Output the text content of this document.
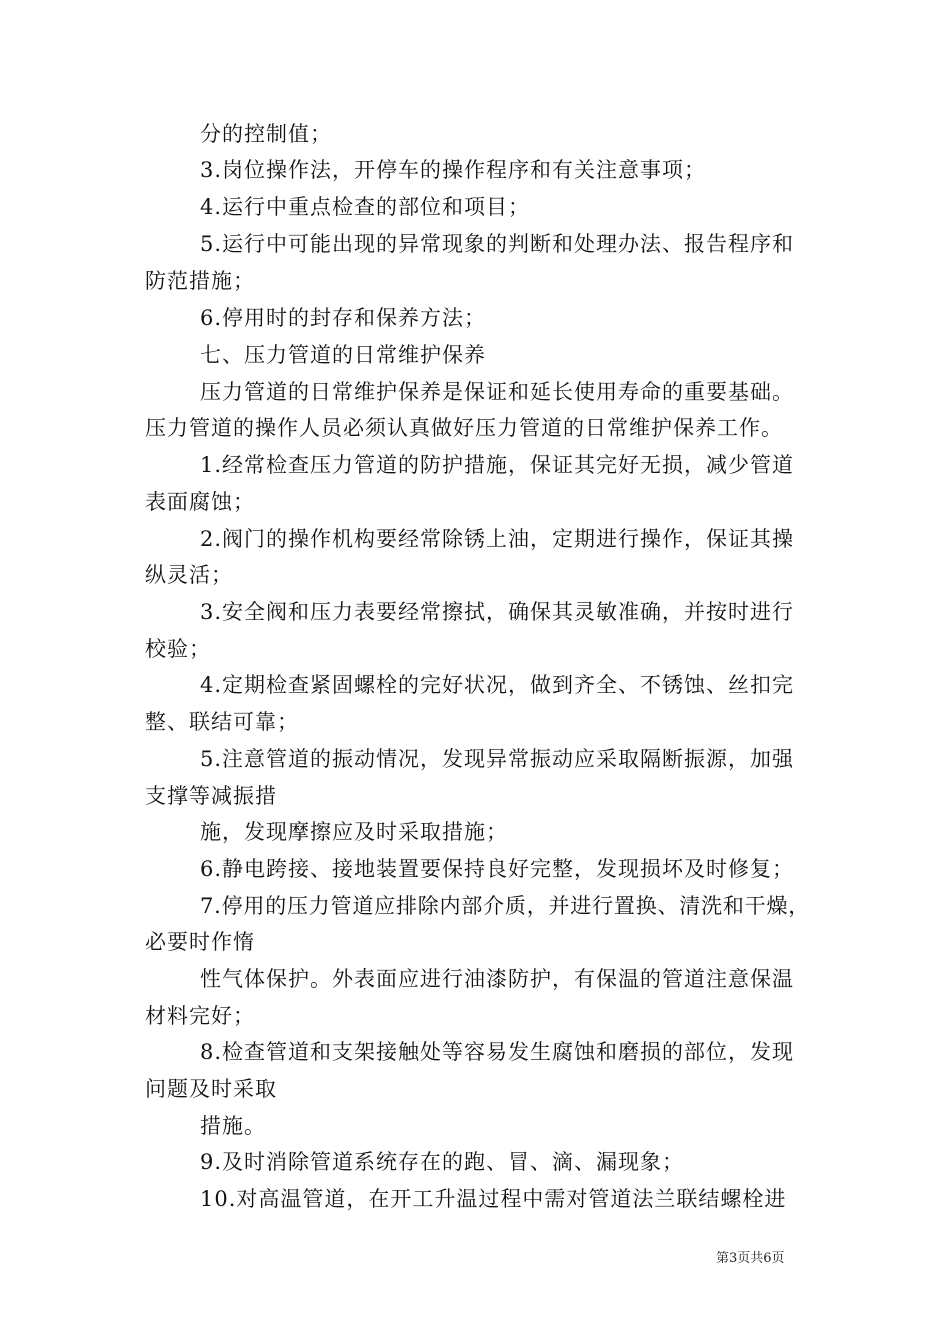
分的控制值；
3.岗位操作法，开停车的操作程序和有关注意事项；
4.运行中重点检查的部位和项目；
5.运行中可能出现的异常现象的判断和处理办法、报告程序和
防范措施；
6.停用时的封存和保养方法；
七、压力管道的日常维护保养
压力管道的日常维护保养是保证和延长使用寿命的重要基础。
压力管道的操作人员必须认真做好压力管道的日常维护保养工作。
1.经常检查压力管道的防护措施，保证其完好无损，减少管道
表面腐蚀；
2.阀门的操作机构要经常除锈上油，定期进行操作，保证其操
纵灵活；
3.安全阀和压力表要经常擦拭，确保其灵敏准确，并按时进行
校验；
4.定期检查紧固螺栓的完好状况，做到齐全、不锈蚀、丝扣完
整、联结可靠；
5.注意管道的振动情况，发现异常振动应采取隔断振源，加强
支撑等减振措
施，发现摩擦应及时采取措施；
6.静电跨接、接地装置要保持良好完整，发现损坏及时修复；
7.停用的压力管道应排除内部介质，并进行置换、清洗和干燥，
必要时作惰
性气体保护。外表面应进行油漆防护，有保温的管道注意保温
材料完好；
8.检查管道和支架接触处等容易发生腐蚀和磨损的部位，发现
问题及时采取
措施。
9.及时消除管道系统存在的跑、冒、滴、漏现象；
10.对高温管道，在开工升温过程中需对管道法兰联结螺栓进
第3页共6页
